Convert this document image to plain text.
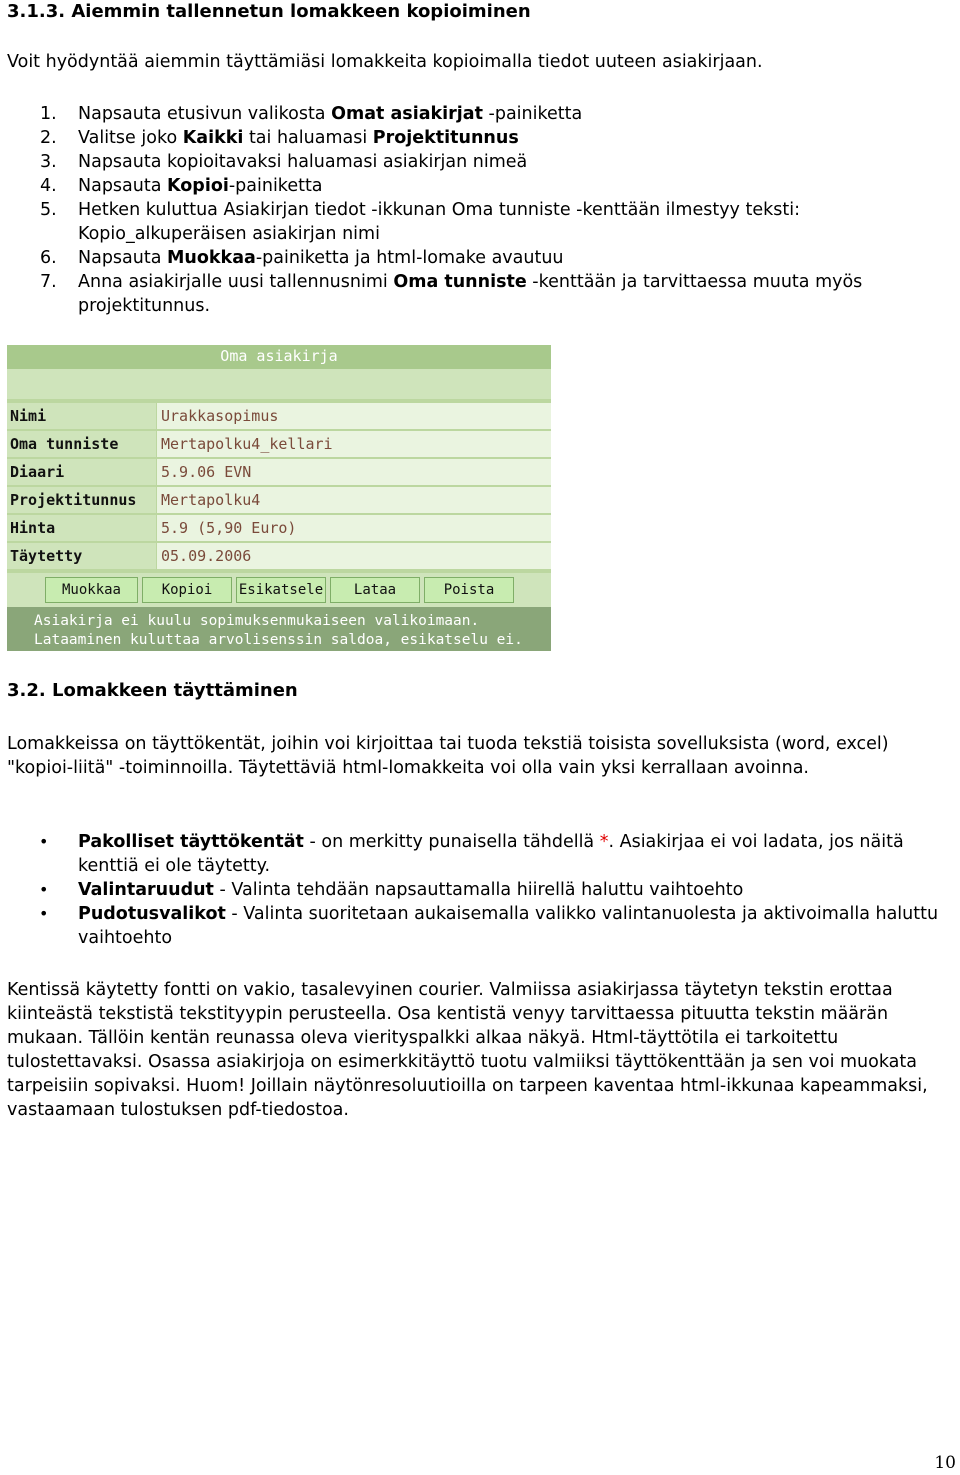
3.1.3. Aiemmin tallennetun lomakkeen kopioiminen

Voit hyödyntää aiemmin täyttämiäsi lomakkeita kopioimalla tiedot uuteen asiakirjaan.

1. Napsauta etusivun valikosta Omat asiakirjat -painiketta
2. Valitse joko Kaikki tai haluamasi Projektitunnus
3. Napsauta kopioitavaksi haluamasi asiakirjan nimeä
4. Napsauta Kopioi-painiketta
5. Hetken kuluttua Asiakirjan tiedot -ikkunan Oma tunniste -kenttään ilmestyy teksti: Kopio_alkuperäisen asiakirjan nimi
6. Napsauta Muokkaa-painiketta ja html-lomake avautuu
7. Anna asiakirjalle uusi tallennusnimi Oma tunniste -kenttään ja tarvittaessa muuta myös projektitunnus.
Oma asiakirja
Nimi	Urakkasopimus
Oma tunniste	Mertapolku4_kellari
Diaari	5.9.06 EVN
Projektitunnus	Mertapolku4
Hinta	5.9 (5,90 Euro)
Täytetty	05.09.2006
Muokkaa	Kopioi	Esikatsele	Lataa	Poista
Asiakirja ei kuulu sopimuksenmukaiseen valikoimaan.
Lataaminen kuluttaa arvolisenssin saldoa, esikatselu ei.
3.2. Lomakkeen täyttäminen

Lomakkeissa on täyttökentät, joihin voi kirjoittaa tai tuoda tekstiä toisista sovelluksista (word, excel) "kopioi-liitä" -toiminnoilla. Täytettäviä html-lomakkeita voi olla vain yksi kerrallaan avoinna.

• Pakolliset täyttökentät - on merkitty punaisella tähdellä *. Asiakirjaa ei voi ladata, jos näitä kenttiä ei ole täytetty.
• Valintaruudut - Valinta tehdään napsauttamalla hiirellä haluttu vaihtoehto
• Pudotusvalikot - Valinta suoritetaan aukaisemalla valikko valintanuolesta ja aktivoimalla haluttu vaihtoehto

Kentissä käytetty fontti on vakio, tasalevyinen courier. Valmiissa asiakirjassa täytetyn tekstin erottaa kiinteästä tekstistä tekstityypin perusteella. Osa kentistä venyy tarvittaessa pituutta tekstin määrän mukaan. Tällöin kentän reunassa oleva vierityspalkki alkaa näkyä. Html-täyttötila ei tarkoitettu tulostettavaksi. Osassa asiakirjoja on esimerkkitäyttö tuotu valmiiksi täyttökenttään ja sen voi muokata tarpeisiin sopivaksi. Huom! Joillain näytönresoluutioilla on tarpeen kaventaa html-ikkunaa kapeammaksi, vastaamaan tulostuksen pdf-tiedostoa.

10
